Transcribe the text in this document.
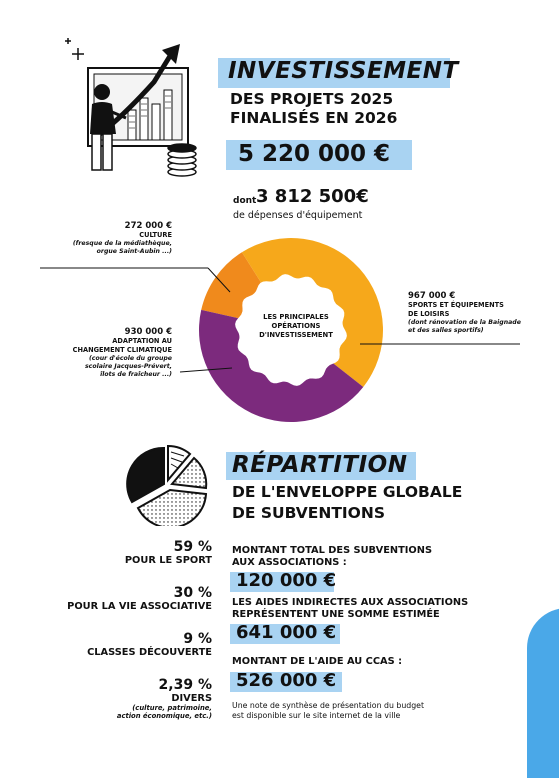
INVESTISSEMENT
DES PROJETS 2025
FINALISÉS EN 2026
5 220 000 €
dont 3 812 500€
de dépenses d'équipement
LES PRINCIPALES
OPÉRATIONS
D'INVESTISSEMENT
272 000 €
CULTURE
(fresque de la médiathèque,
orgue Saint-Aubin ...)
967 000 €
SPORTS ET ÉQUIPEMENTS
DE LOISIRS
(dont rénovation de la Baignade
et des salles sportifs)
930 000 €
ADAPTATION AU
CHANGEMENT CLIMATIQUE
(cour d'école du groupe
scolaire Jacques-Prévert,
îlots de fraîcheur ...)
RÉPARTITION
DE L'ENVELOPPE GLOBALE
DE SUBVENTIONS
59 %
POUR LE SPORT
30 %
POUR LA VIE ASSOCIATIVE
9 %
CLASSES DÉCOUVERTE
2,39 %
DIVERS
(culture, patrimoine,
action économique, etc.)
MONTANT TOTAL DES SUBVENTIONS
AUX ASSOCIATIONS :
120 000 €
LES AIDES INDIRECTES AUX ASSOCIATIONS
REPRÉSENTENT UNE SOMME ESTIMÉE
641 000 €
MONTANT DE L'AIDE AU CCAS :
526 000 €
Une note de synthèse de présentation du budget
est disponible sur le site internet de la ville
